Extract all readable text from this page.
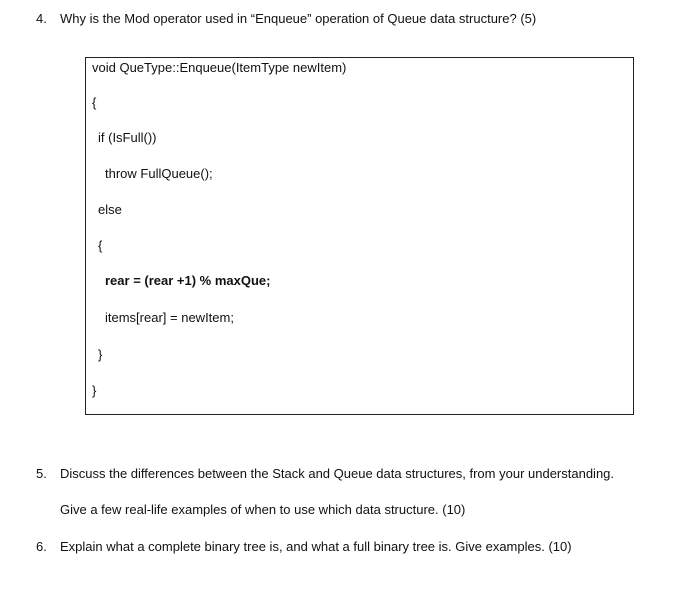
4. Why is the Mod operator used in “Enqueue” operation of Queue data structure? (5)
void QueType::Enqueue(ItemType newItem)
{
if (IsFull())
throw FullQueue();
else
{
rear = (rear +1) % maxQue;
items[rear] = newItem;
}
}
5. Discuss the differences between the Stack and Queue data structures, from your understanding.
Give a few real-life examples of when to use which data structure. (10)
6. Explain what a complete binary tree is, and what a full binary tree is. Give examples. (10)
